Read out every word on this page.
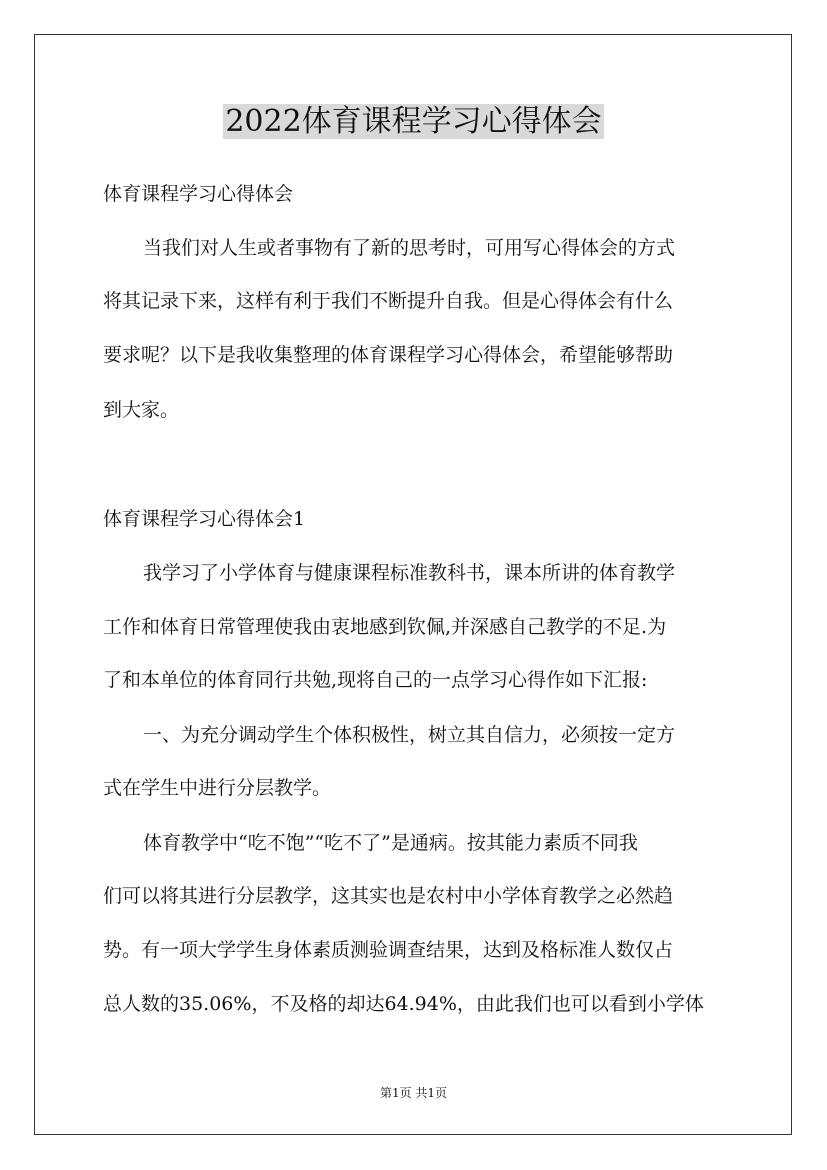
2022体育课程学习心得体会
体育课程学习心得体会
当我们对人生或者事物有了新的思考时，可用写心得体会的方式
将其记录下来，这样有利于我们不断提升自我。但是心得体会有什么
要求呢？以下是我收集整理的体育课程学习心得体会，希望能够帮助
到大家。
体育课程学习心得体会1
我学习了小学体育与健康课程标准教科书，课本所讲的体育教学
工作和体育日常管理使我由衷地感到钦佩,并深感自己教学的不足.为
了和本单位的体育同行共勉,现将自己的一点学习心得作如下汇报:
一、为充分调动学生个体积极性，树立其自信力，必须按一定方
式在学生中进行分层教学。
体育教学中“吃不饱”“吃不了”是通病。按其能力素质不同我
们可以将其进行分层教学，这其实也是农村中小学体育教学之必然趋
势。有一项大学学生身体素质测验调查结果，达到及格标准人数仅占
总人数的35.06%，不及格的却达64.94%，由此我们也可以看到小学体
第1页 共1页
